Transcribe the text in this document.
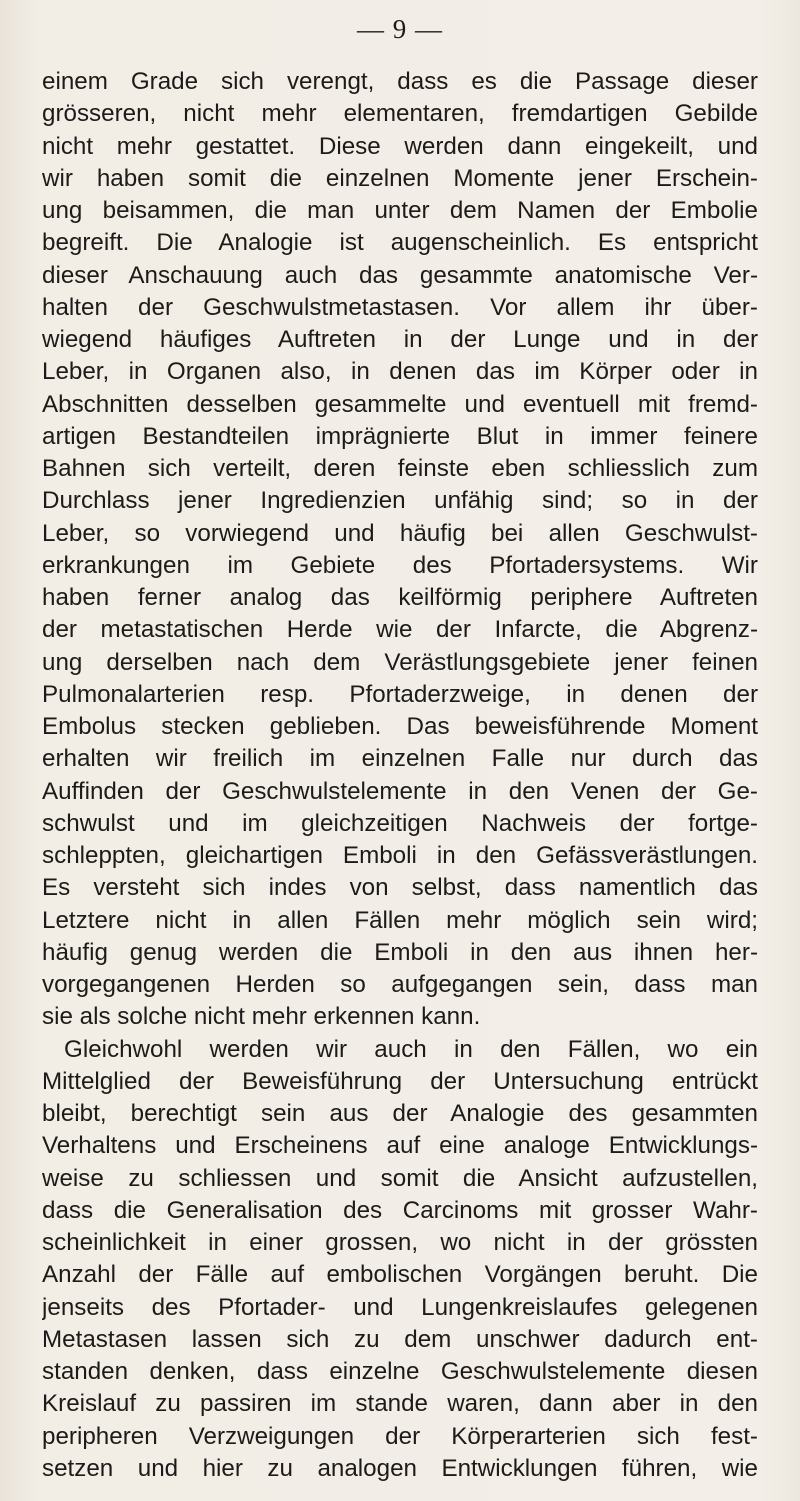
— 9 —
einem Grade sich verengt, dass es die Passage dieser
grösseren, nicht mehr elementaren, fremdartigen Gebilde
nicht mehr gestattet. Diese werden dann eingekeilt, und
wir haben somit die einzelnen Momente jener Erschein-
ung beisammen, die man unter dem Namen der Embolie
begreift. Die Analogie ist augenscheinlich. Es entspricht
dieser Anschauung auch das gesammte anatomische Ver-
halten der Geschwulstmetastasen. Vor allem ihr über-
wiegend häufiges Auftreten in der Lunge und in der
Leber, in Organen also, in denen das im Körper oder in
Abschnitten desselben gesammelte und eventuell mit fremd-
artigen Bestandteilen imprägnierte Blut in immer feinere
Bahnen sich verteilt, deren feinste eben schliesslich zum
Durchlass jener Ingredienzien unfähig sind; so in der
Leber, so vorwiegend und häufig bei allen Geschwulst-
erkrankungen im Gebiete des Pfortadersystems. Wir
haben ferner analog das keilförmig periphere Auftreten
der metastatischen Herde wie der Infarcte, die Abgrenz-
ung derselben nach dem Verästlungsgebiete jener feinen
Pulmonalarterien resp. Pfortaderzweige, in denen der
Embolus stecken geblieben. Das beweisführende Moment
erhalten wir freilich im einzelnen Falle nur durch das
Auffinden der Geschwulstelemente in den Venen der Ge-
schwulst und im gleichzeitigen Nachweis der fortge-
schleppten, gleichartigen Emboli in den Gefässverästlungen.
Es versteht sich indes von selbst, dass namentlich das
Letztere nicht in allen Fällen mehr möglich sein wird;
häufig genug werden die Emboli in den aus ihnen her-
vorgegangenen Herden so aufgegangen sein, dass man
sie als solche nicht mehr erkennen kann.
Gleichwohl werden wir auch in den Fällen, wo ein
Mittelglied der Beweisführung der Untersuchung entrückt
bleibt, berechtigt sein aus der Analogie des gesammten
Verhaltens und Erscheinens auf eine analoge Entwicklungs-
weise zu schliessen und somit die Ansicht aufzustellen,
dass die Generalisation des Carcinoms mit grosser Wahr-
scheinlichkeit in einer grossen, wo nicht in der grössten
Anzahl der Fälle auf embolischen Vorgängen beruht. Die
jenseits des Pfortader- und Lungenkreislaufes gelegenen
Metastasen lassen sich zu dem unschwer dadurch ent-
standen denken, dass einzelne Geschwulstelemente diesen
Kreislauf zu passiren im stande waren, dann aber in den
peripheren Verzweigungen der Körperarterien sich fest-
setzen und hier zu analogen Entwicklungen führen, wie
